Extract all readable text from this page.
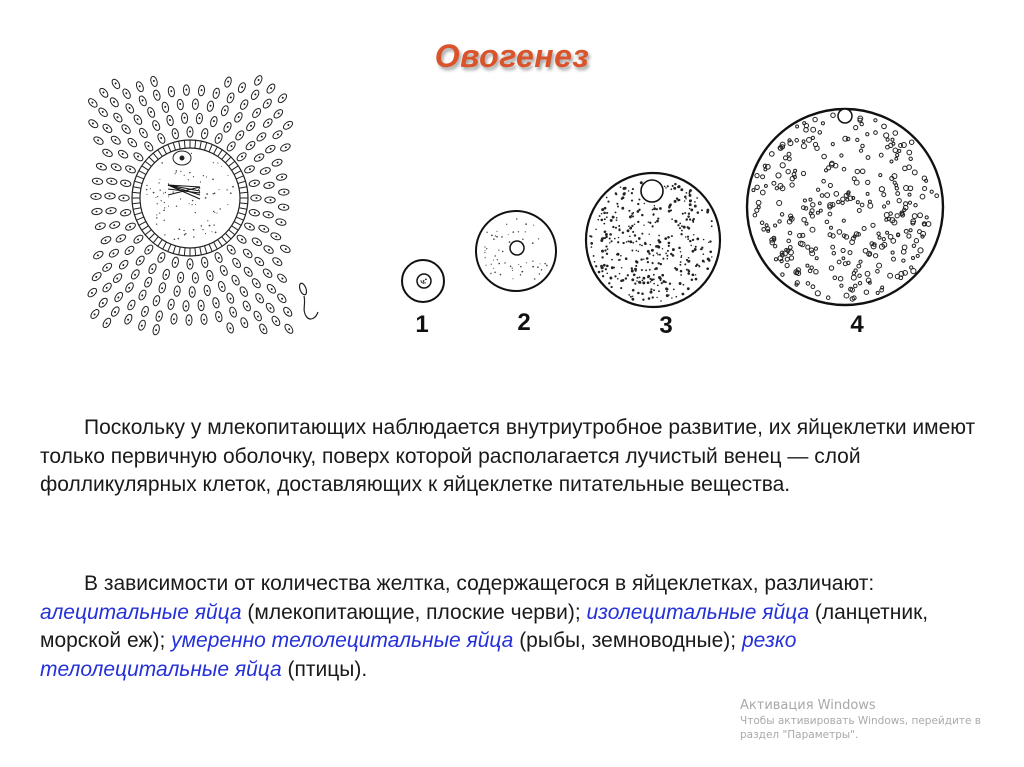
Овогенез
1	2	3	4
Поскольку у млекопитающих наблюдается внутриутробное развитие, их яйцеклетки имеют только первичную оболочку, поверх которой располагается лучистый венец — слой фолликулярных клеток, доставляющих к яйцеклетке питательные вещества.
В зависимости от количества желтка, содержащегося в яйцеклетках, различают: алецитальные яйца (млекопитающие, плоские черви); изолецитальные яйца (ланцетник, морской еж); умеренно телолецитальные яйца (рыбы, земноводные); резко телолецитальные яйца (птицы).
Активация Windows
Чтобы активировать Windows, перейдите в раздел "Параметры".
